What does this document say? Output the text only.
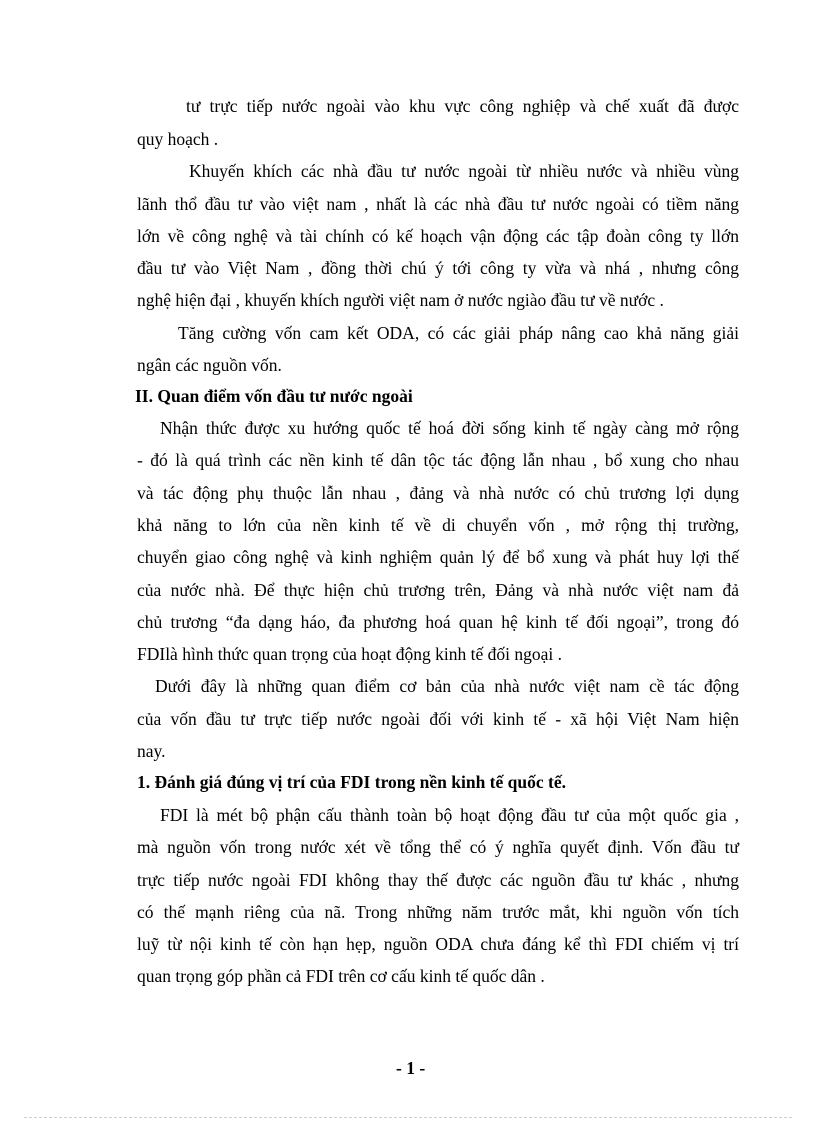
tư trực tiếp nước ngoài vào khu vực công nghiệp và chế xuất đã được
quy hoạch .
Khuyến khích các nhà đầu tư nước ngoài từ nhiều nước và nhiều vùng
lãnh thổ đầu tư vào việt nam , nhất là các nhà đầu tư nước ngoài có tiềm năng
lớn về công nghệ và tài chính có kế hoạch vận động các tập đoàn công ty llớn
đầu tư vào Việt Nam , đồng thời chú ý tới công ty vừa và nhá , nhưng công
nghệ hiện đại , khuyến khích người việt nam ở nước ngiào đầu tư về nước .
Tăng cường vốn cam kết ODA, có các giải pháp nâng cao khả năng giải
ngân các nguồn vốn.
II. Quan điểm vốn đầu tư nước ngoài
Nhận thức được xu hướng quốc tế hoá đời sống kinh tế ngày càng mở rộng
- đó là quá trình các nền kinh tế dân tộc tác động lẫn nhau , bổ xung cho nhau
và tác động phụ thuộc lẫn nhau , đảng và nhà nước có chủ trương lợi dụng
khả năng to lớn của nền kinh tế về di chuyển vốn , mở rộng thị trường,
chuyển giao công nghệ và kinh nghiệm quản lý để bổ xung và phát huy lợi thế
của nước nhà. Để thực hiện chủ trương trên, Đảng và nhà nước việt nam đả
chủ trương “đa dạng háo, đa phương hoá quan hệ kinh tế đối ngoại”, trong đó
FDIlà hình thức quan trọng của hoạt động kinh tế đối ngoại .
Dưới đây là những quan điểm cơ bản của nhà nước việt nam cề tác động
của vốn đầu tư trực tiếp nước ngoài đối với kinh tế - xã hội Việt Nam hiện
nay.
1. Đánh giá đúng vị trí của FDI trong nền kinh tế quốc tế.
FDI là mét bộ phận cấu thành toàn bộ hoạt động đầu tư của một quốc gia ,
mà nguồn vốn trong nước xét về tổng thể có ý nghĩa quyết định. Vốn đầu tư
trực tiếp nước ngoài FDI không thay thế được các nguồn đầu tư khác , nhưng
có thế mạnh riêng của nã. Trong những năm trước mắt, khi nguồn vốn tích
luỹ từ nội kinh tế còn hạn hẹp, nguồn ODA chưa đáng kể thì FDI chiếm vị trí
quan trọng góp phần cả FDI trên cơ cấu kinh tế quốc dân .
- 1 -
